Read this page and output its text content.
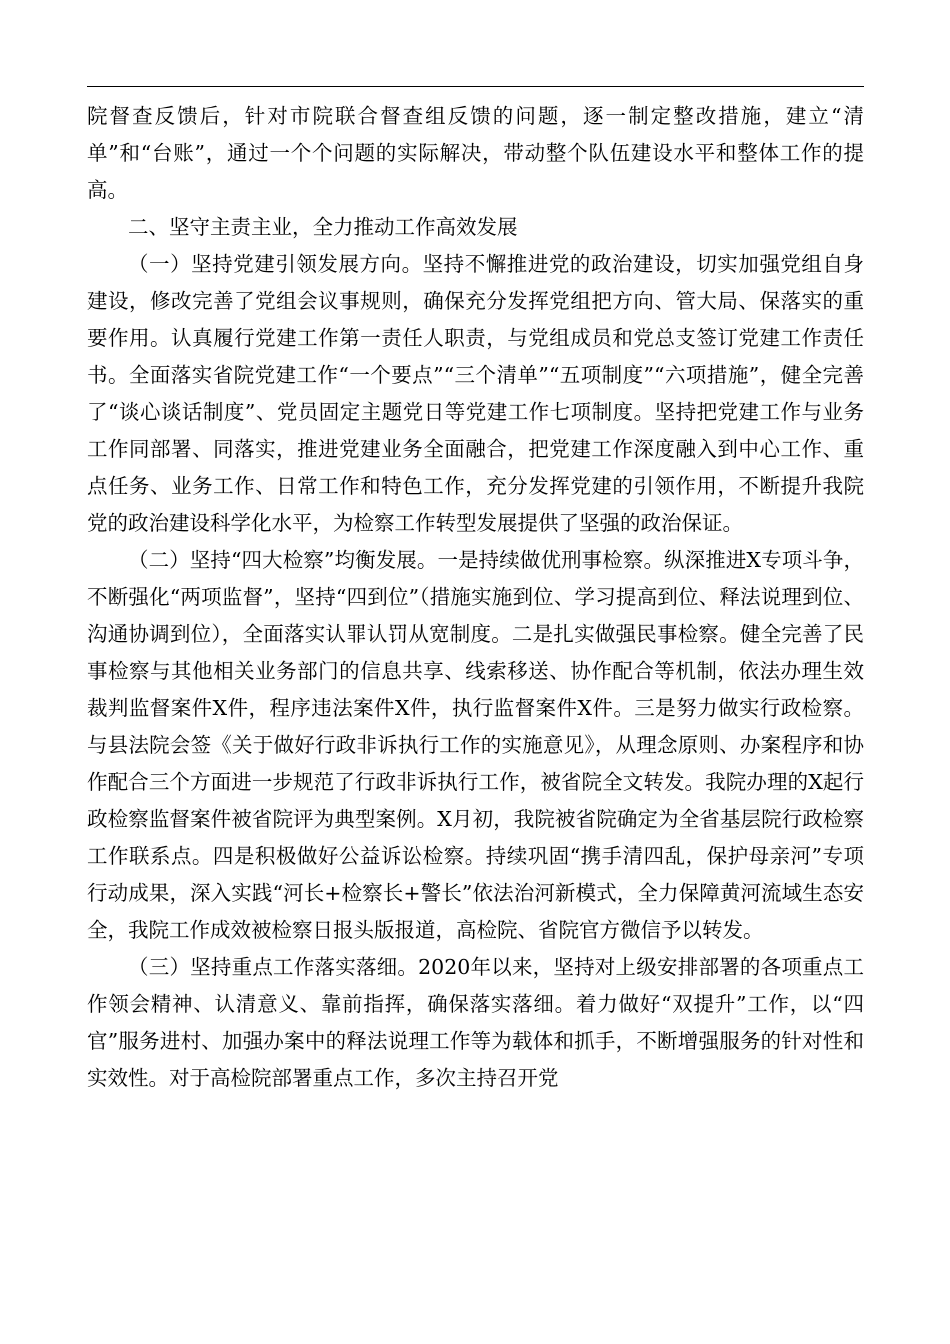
院督查反馈后，针对市院联合督查组反馈的问题，逐一制定整改措施，建立“清单”和“台账”，通过一个个问题的实际解决，带动整个队伍建设水平和整体工作的提高。

二、坚守主责主业，全力推动工作高效发展

（一）坚持党建引领发展方向。坚持不懈推进党的政治建设，切实加强党组自身建设，修改完善了党组会议事规则，确保充分发挥党组把方向、管大局、保落实的重要作用。认真履行党建工作第一责任人职责，与党组成员和党总支签订党建工作责任书。全面落实省院党建工作“一个要点”“三个清单”“五项制度”“六项措施”，健全完善了“谈心谈话制度”、党员固定主题党日等党建工作七项制度。坚持把党建工作与业务工作同部署、同落实，推进党建业务全面融合，把党建工作深度融入到中心工作、重点任务、业务工作、日常工作和特色工作，充分发挥党建的引领作用，不断提升我院党的政治建设科学化水平，为检察工作转型发展提供了坚强的政治保证。

（二）坚持“四大检察”均衡发展。一是持续做优刑事检察。纵深推进X专项斗争，不断强化“两项监督”，坚持“四到位”（措施实施到位、学习提高到位、释法说理到位、沟通协调到位），全面落实认罪认罚从宽制度。二是扎实做强民事检察。健全完善了民事检察与其他相关业务部门的信息共享、线索移送、协作配合等机制，依法办理生效裁判监督案件X件，程序违法案件X件，执行监督案件X件。三是努力做实行政检察。与县法院会签《关于做好行政非诉执行工作的实施意见》，从理念原则、办案程序和协作配合三个方面进一步规范了行政非诉执行工作，被省院全文转发。我院办理的X起行政检察监督案件被省院评为典型案例。X月初，我院被省院确定为全省基层院行政检察工作联系点。四是积极做好公益诉讼检察。持续巩固“携手清四乱，保护母亲河”专项行动成果，深入实践“河长+检察长+警长”依法治河新模式，全力保障黄河流域生态安全，我院工作成效被检察日报头版报道，高检院、省院官方微信予以转发。

（三）坚持重点工作落实落细。2020年以来，坚持对上级安排部署的各项重点工作领会精神、认清意义、靠前指挥，确保落实落细。着力做好“双提升”工作，以“四官”服务进村、加强办案中的释法说理工作等为载体和抓手，不断增强服务的针对性和实效性。对于高检院部署重点工作，多次主持召开党
